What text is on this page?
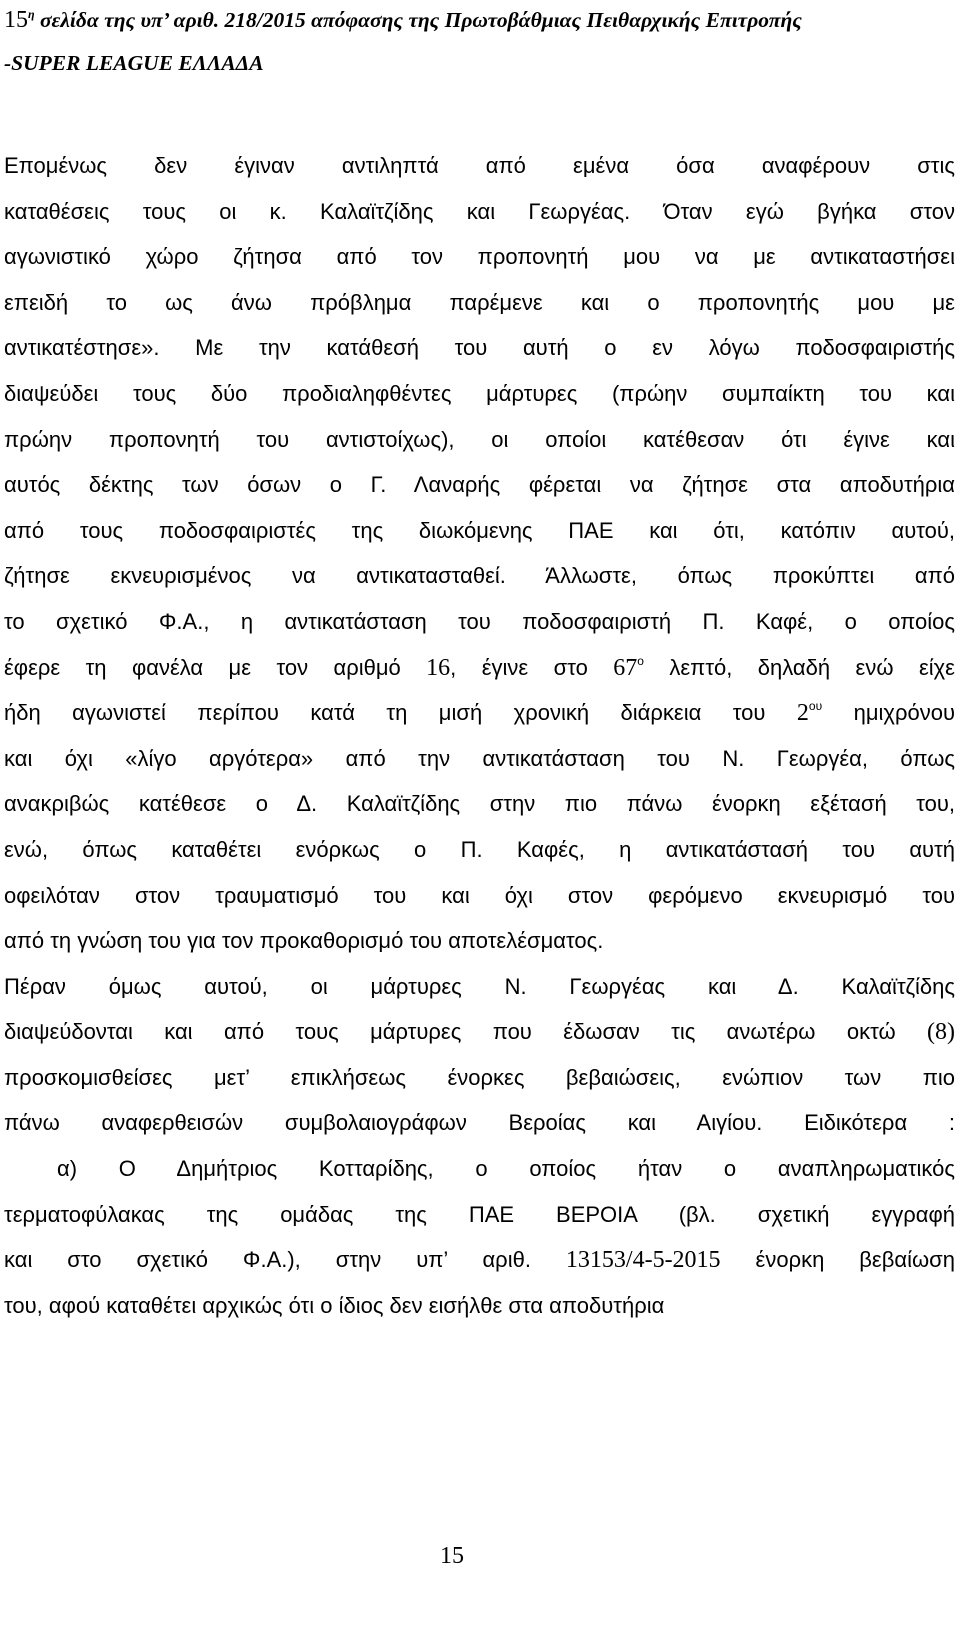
$15^\eta$ σελίδα της υπ’ αριθ. 218/2015 απόφασης της Πρωτοβάθμιας Πειθαρχικής Επιτροπής
-SUPER LEAGUE ΕΛΛΑΔΑ
Επομένως δεν έγιναν αντιληπτά από εμένα όσα αναφέρουν στις
καταθέσεις τους οι κ. Καλαϊτζίδης και Γεωργέας. Όταν εγώ βγήκα στον
αγωνιστικό χώρο ζήτησα από τον προπονητή μου να με αντικαταστήσει
επειδή το ως άνω πρόβλημα παρέμενε και ο προπονητής μου με
αντικατέστησε». Με την κατάθεσή του αυτή ο εν λόγω ποδοσφαιριστής
διαψεύδει τους δύο προδιαληφθέντες μάρτυρες (πρώην συμπαίκτη του και
πρώην προπονητή του αντιστοίχως), οι οποίοι κατέθεσαν ότι έγινε και
αυτός δέκτης των όσων ο Γ. Λαναρής φέρεται να ζήτησε στα αποδυτήρια
από τους ποδοσφαιριστές της διωκόμενης ΠΑΕ και ότι, κατόπιν αυτού,
ζήτησε εκνευρισμένος να αντικατασταθεί. Άλλωστε, όπως προκύπτει από
το σχετικό Φ.Α., η αντικατάσταση του ποδοσφαιριστή Π. Καφέ, ο οποίος
έφερε τη φανέλα με τον αριθμό 16, έγινε στο $67^o$ λεπτό, δηλαδή ενώ είχε
ήδη αγωνιστεί περίπου κατά τη μισή χρονική διάρκεια του $2^{o\upsilon}$ ημιχρόνου
και όχι «λίγο αργότερα» από την αντικατάσταση του Ν. Γεωργέα, όπως
ανακριβώς κατέθεσε ο Δ. Καλαϊτζίδης στην πιο πάνω ένορκη εξέτασή του,
ενώ, όπως καταθέτει ενόρκως ο Π. Καφές, η αντικατάστασή του αυτή
οφειλόταν στον τραυματισμό του και όχι στον φερόμενο εκνευρισμό του
από τη γνώση του για τον προκαθορισμό του αποτελέσματος.
Πέραν όμως αυτού, οι μάρτυρες Ν. Γεωργέας και Δ. Καλαϊτζίδης
διαψεύδονται και από τους μάρτυρες που έδωσαν τις ανωτέρω οκτώ (8)
προσκομισθείσες μετ’ επικλήσεως ένορκες βεβαιώσεις, ενώπιον των πιο
πάνω αναφερθεισών συμβολαιογράφων Βεροίας και Αιγίου. Ειδικότερα :
α) Ο Δημήτριος Κοτταρίδης, ο οποίος ήταν ο αναπληρωματικός
τερματοφύλακας της ομάδας της ΠΑΕ ΒΕΡΟΙΑ (βλ. σχετική εγγραφή
και στο σχετικό Φ.Α.), στην υπ’ αριθ. 13153/4-5-2015 ένορκη βεβαίωση
του, αφού καταθέτει αρχικώς ότι ο ίδιος δεν εισήλθε στα αποδυτήρια
15
